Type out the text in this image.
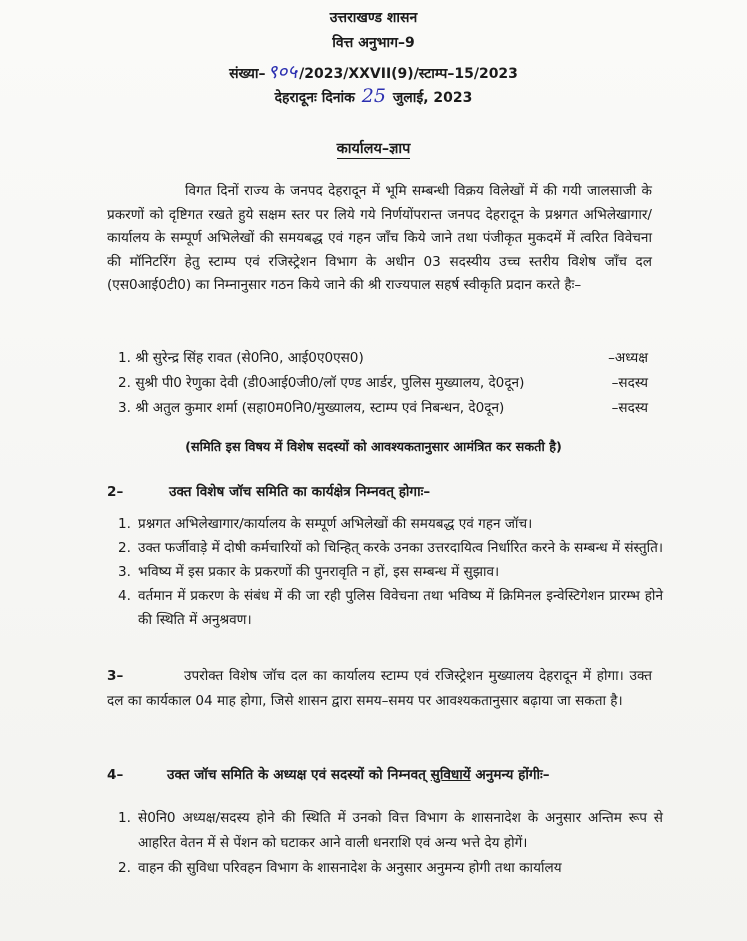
उत्तराखण्ड शासन
वित्त अनुभाग–9
संख्या– ९०५ /2023/XXVII(9)/स्टाम्प–15/2023
देहरादूनः दिनांक 25 जुलाई, 2023
कार्यालय–ज्ञाप
विगत दिनों राज्य के जनपद देहरादून में भूमि सम्बन्धी विक्रय विलेखों में की गयी जालसाजी के प्रकरणों को दृष्टिगत रखते हुये सक्षम स्तर पर लिये गये निर्णयोंपरान्त जनपद देहरादून के प्रश्नगत अभिलेखागार/कार्यालय के सम्पूर्ण अभिलेखों की समयबद्ध एवं गहन जाँच किये जाने तथा पंजीकृत मुकदमें में त्वरित विवेचना की मॉनिटरिंग हेतु स्टाम्प एवं रजिस्ट्रेशन विभाग के अधीन 03 सदस्यीय उच्च स्तरीय विशेष जाँच दल (एस0आई0टी0) का निम्नानुसार गठन किये जाने की श्री राज्यपाल सहर्ष स्वीकृति प्रदान करते हैः–
1. श्री सुरेन्द्र सिंह रावत (से0नि0, आई0ए0एस0)	–अध्यक्ष
2. सुश्री पी0 रेणुका देवी (डी0आई0जी0/लॉ एण्ड आर्डर, पुलिस मुख्यालय, दे0दून)	–सदस्य
3. श्री अतुल कुमार शर्मा (सहा0म0नि0/मुख्यालय, स्टाम्प एवं निबन्धन, दे0दून)	–सदस्य
(समिति इस विषय में विशेष सदस्यों को आवश्यकतानुसार आमंत्रित कर सकती है)
2–	उक्त विशेष जॉच समिति का कार्यक्षेत्र निम्नवत् होगाः–
1. प्रश्नगत अभिलेखागार/कार्यालय के सम्पूर्ण अभिलेखों की समयबद्ध एवं गहन जॉच।
2. उक्त फर्जीवाड़े में दोषी कर्मचारियों को चिन्हित् करके उनका उत्तरदायित्व निर्धारित करने के सम्बन्ध में संस्तुति।
3. भविष्य में इस प्रकार के प्रकरणों की पुनरावृति न हों, इस सम्बन्ध में सुझाव।
4. वर्तमान में प्रकरण के संबंध में की जा रही पुलिस विवेचना तथा भविष्य में क्रिमिनल इन्वेस्टिगेशन प्रारम्भ होने की स्थिति में अनुश्रवण।
3–	उपरोक्त विशेष जॉच दल का कार्यालय स्टाम्प एवं रजिस्ट्रेशन मुख्यालय देहरादून में होगा। उक्त दल का कार्यकाल 04 माह होगा, जिसे शासन द्वारा समय–समय पर आवश्यकतानुसार बढ़ाया जा सकता है।
4–	उक्त जॉच समिति के अध्यक्ष एवं सदस्यों को निम्नवत् सुविधायें अनुमन्य होंगीः–
1. से0नि0 अध्यक्ष/सदस्य होने की स्थिति में उनको वित्त विभाग के शासनादेश के अनुसार अन्तिम रूप से आहरित वेतन में से पेंशन को घटाकर आने वाली धनराशि एवं अन्य भत्ते देय होगें।
2. वाहन की सुविधा परिवहन विभाग के शासनादेश के अनुसार अनुमन्य होगी तथा कार्यालय
